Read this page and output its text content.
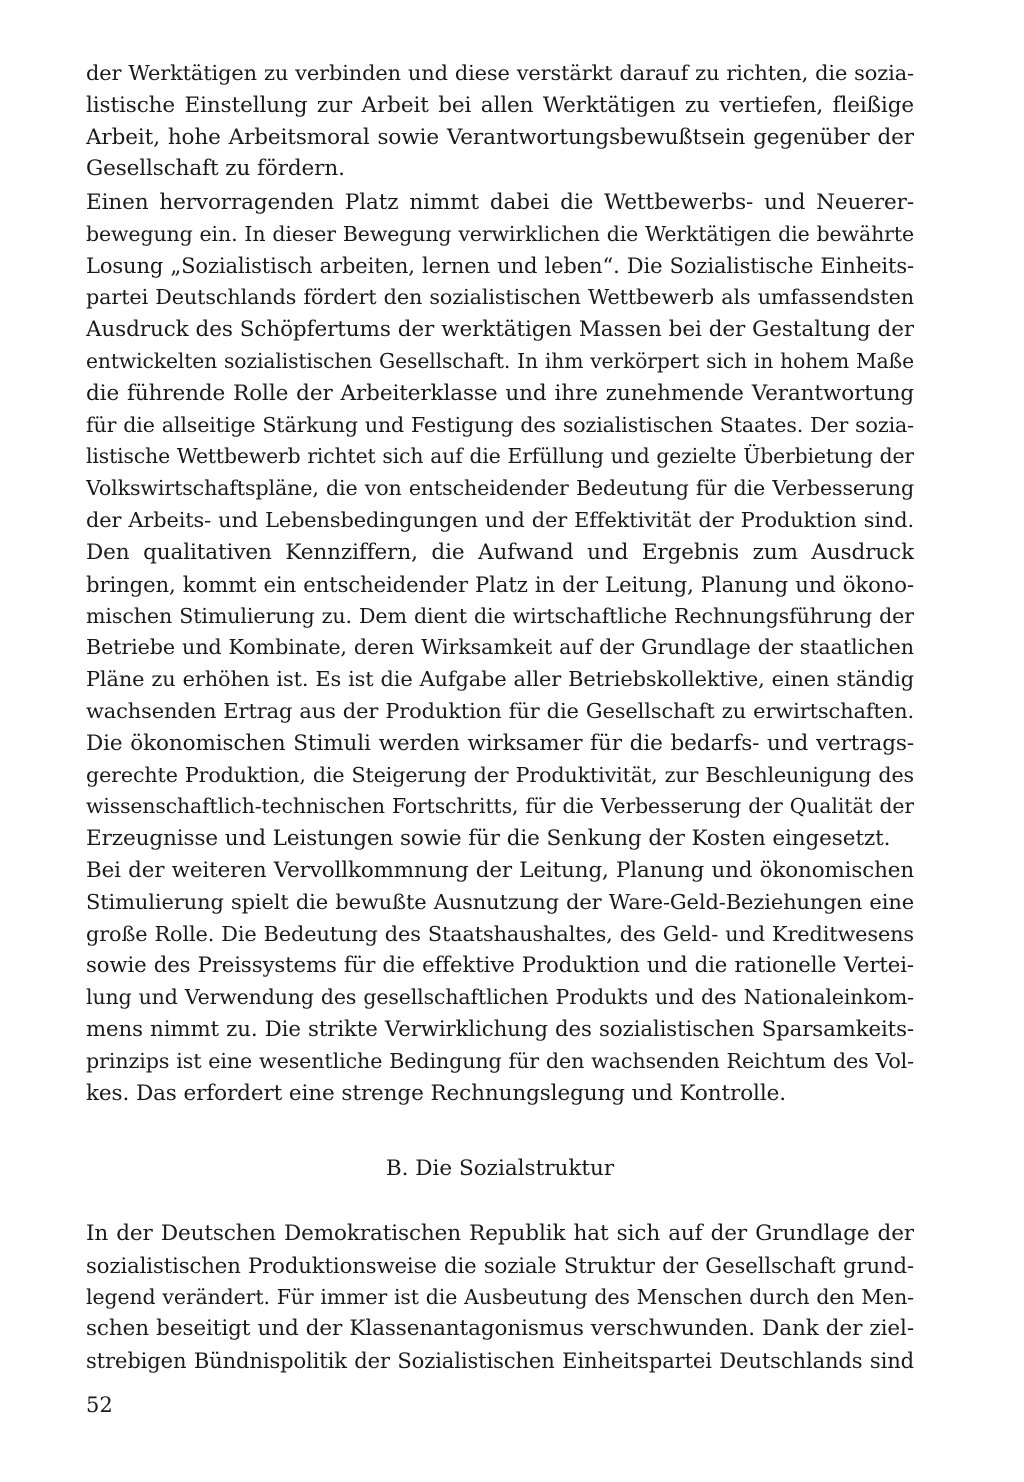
der Werktätigen zu verbinden und diese verstärkt darauf zu richten, die sozia-
listische Einstellung zur Arbeit bei allen Werktätigen zu vertiefen, fleißige
Arbeit, hohe Arbeitsmoral sowie Verantwortungsbewußtsein gegenüber der
Gesellschaft zu fördern.
Einen hervorragenden Platz nimmt dabei die Wettbewerbs- und Neuerer-
bewegung ein. In dieser Bewegung verwirklichen die Werktätigen die bewährte
Losung „Sozialistisch arbeiten, lernen und leben“. Die Sozialistische Einheits-
partei Deutschlands fördert den sozialistischen Wettbewerb als umfassendsten
Ausdruck des Schöpfertums der werktätigen Massen bei der Gestaltung der
entwickelten sozialistischen Gesellschaft. In ihm verkörpert sich in hohem Maße
die führende Rolle der Arbeiterklasse und ihre zunehmende Verantwortung
für die allseitige Stärkung und Festigung des sozialistischen Staates. Der sozia-
listische Wettbewerb richtet sich auf die Erfüllung und gezielte Überbietung der
Volkswirtschaftspläne, die von entscheidender Bedeutung für die Verbesserung
der Arbeits- und Lebensbedingungen und der Effektivität der Produktion sind.
Den qualitativen Kennziffern, die Aufwand und Ergebnis zum Ausdruck
bringen, kommt ein entscheidender Platz in der Leitung, Planung und ökono-
mischen Stimulierung zu. Dem dient die wirtschaftliche Rechnungsführung der
Betriebe und Kombinate, deren Wirksamkeit auf der Grundlage der staatlichen
Pläne zu erhöhen ist. Es ist die Aufgabe aller Betriebskollektive, einen ständig
wachsenden Ertrag aus der Produktion für die Gesellschaft zu erwirtschaften.
Die ökonomischen Stimuli werden wirksamer für die bedarfs- und vertrags-
gerechte Produktion, die Steigerung der Produktivität, zur Beschleunigung des
wissenschaftlich-technischen Fortschritts, für die Verbesserung der Qualität der
Erzeugnisse und Leistungen sowie für die Senkung der Kosten eingesetzt.
Bei der weiteren Vervollkommnung der Leitung, Planung und ökonomischen
Stimulierung spielt die bewußte Ausnutzung der Ware-Geld-Beziehungen eine
große Rolle. Die Bedeutung des Staatshaushaltes, des Geld- und Kreditwesens
sowie des Preissystems für die effektive Produktion und die rationelle Vertei-
lung und Verwendung des gesellschaftlichen Produkts und des Nationaleinkom-
mens nimmt zu. Die strikte Verwirklichung des sozialistischen Sparsamkeits-
prinzips ist eine wesentliche Bedingung für den wachsenden Reichtum des Vol-
kes. Das erfordert eine strenge Rechnungslegung und Kontrolle.
B. Die Sozialstruktur
In der Deutschen Demokratischen Republik hat sich auf der Grundlage der
sozialistischen Produktionsweise die soziale Struktur der Gesellschaft grund-
legend verändert. Für immer ist die Ausbeutung des Menschen durch den Men-
schen beseitigt und der Klassenantagonismus verschwunden. Dank der ziel-
strebigen Bündnispolitik der Sozialistischen Einheitspartei Deutschlands sind
52
